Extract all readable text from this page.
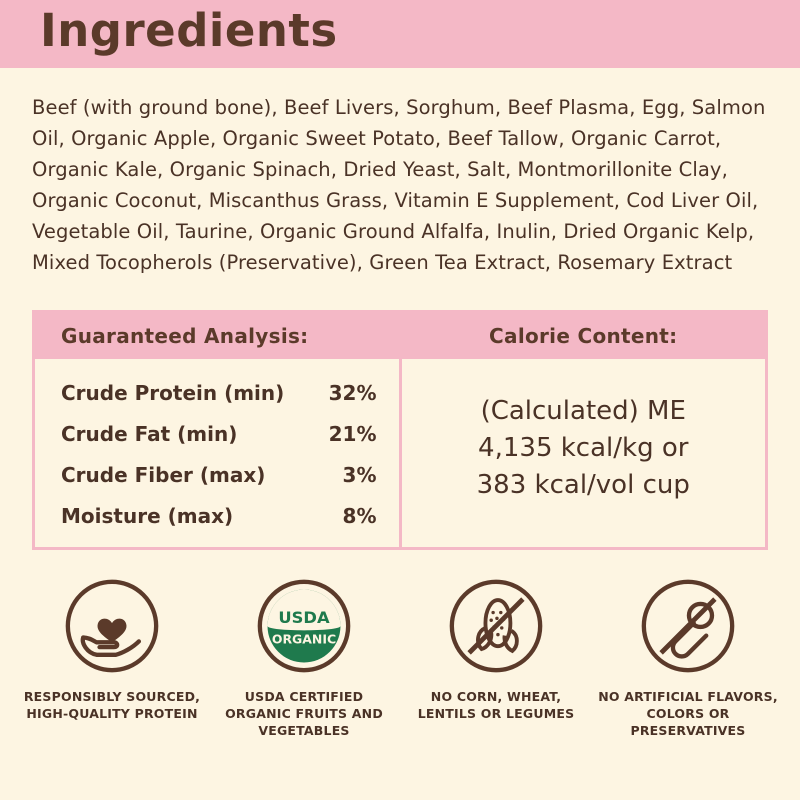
Ingredients
Beef (with ground bone), Beef Livers, Sorghum, Beef Plasma, Egg, Salmon Oil, Organic Apple, Organic Sweet Potato, Beef Tallow, Organic Carrot, Organic Kale, Organic Spinach, Dried Yeast, Salt, Montmorillonite Clay, Organic Coconut, Miscanthus Grass, Vitamin E Supplement, Cod Liver Oil, Vegetable Oil, Taurine, Organic Ground Alfalfa, Inulin, Dried Organic Kelp, Mixed Tocopherols (Preservative), Green Tea Extract, Rosemary Extract
Guaranteed Analysis:
Crude Protein (min) 32%
Crude Fat (min)	21%
Crude Fiber (max)	3%
Moisture (max)	8%
Calorie Content:
(Calculated) ME
4,135 kcal/kg or
383 kcal/vol cup
RESPONSIBLY SOURCED, HIGH-QUALITY PROTEIN
USDA
ORGANIC
USDA CERTIFIED ORGANIC FRUITS AND VEGETABLES
NO CORN, WHEAT, LENTILS OR LEGUMES
NO ARTIFICIAL FLAVORS, COLORS OR PRESERVATIVES
